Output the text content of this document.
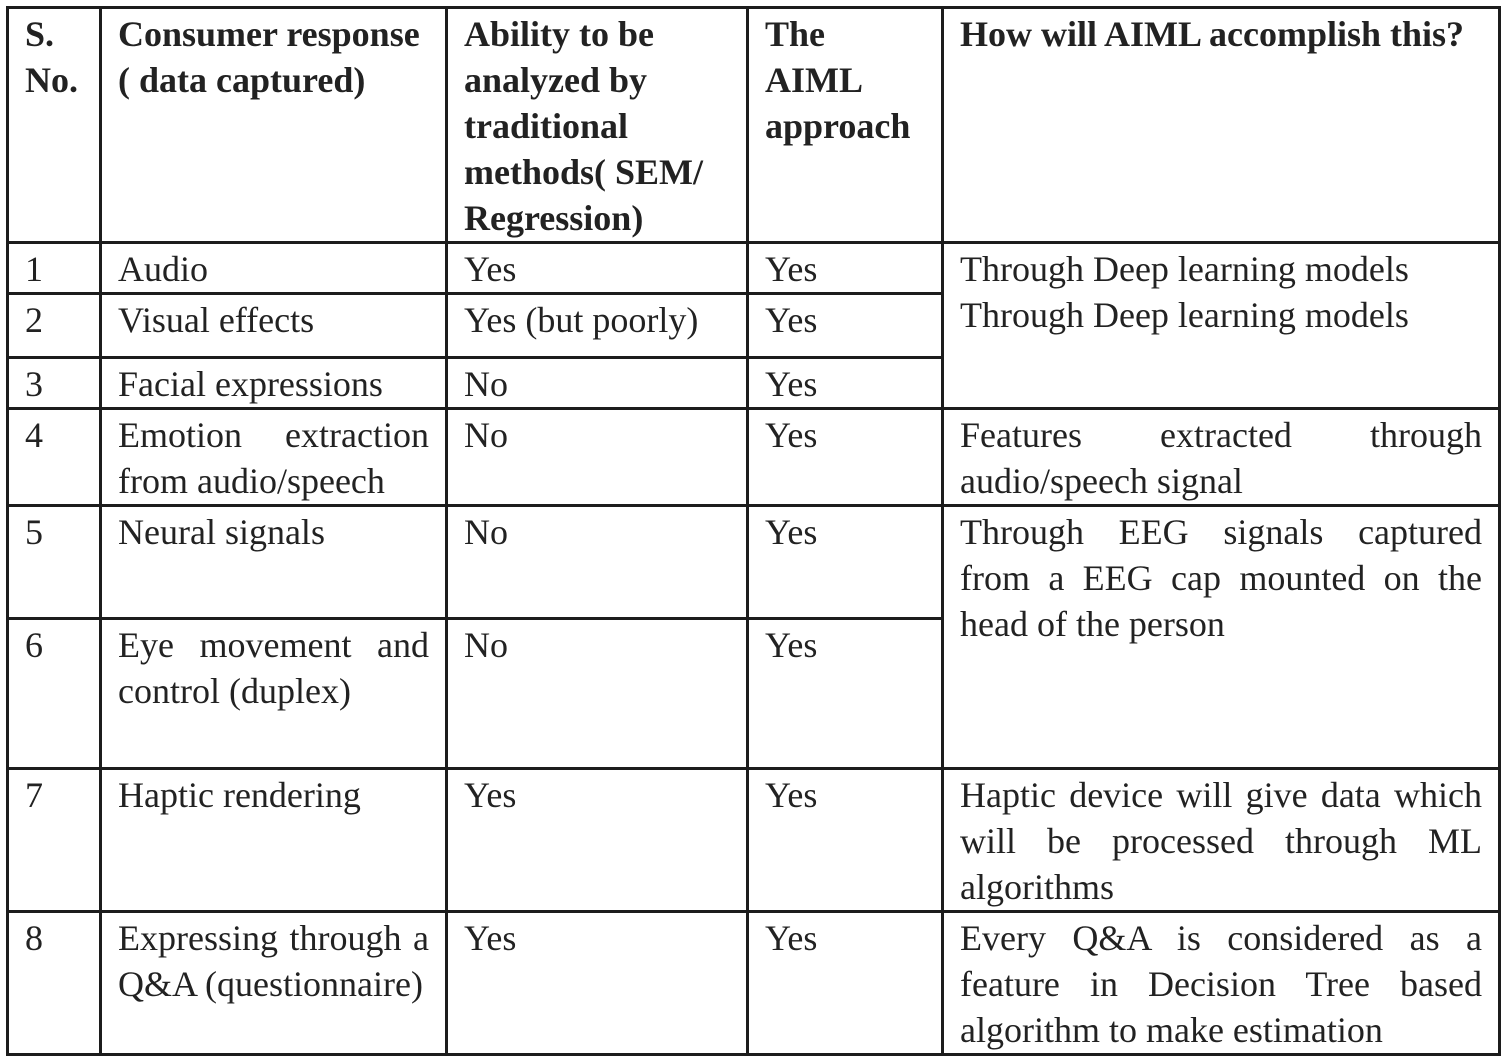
S. No.	Consumer response ( data captured)	Ability to be analyzed by traditional methods( SEM/ Regression)	The AIML approach	How will AIML accomplish this?
1	Audio	Yes	Yes	Through Deep learning models
Through Deep learning models

2	Visual effects	Yes (but poorly)	Yes	
3	Facial expressions	No	Yes	
4	Emotion extraction from audio/speech	No	Yes	Features extracted through audio/speech signal
5	Neural signals	No	Yes	Through EEG signals captured from a EEG cap mounted on the head of the person
6	Eye movement and control (duplex)	No	Yes	
7	Haptic rendering	Yes	Yes	Haptic device will give data which will be processed through ML algorithms
8	Expressing through a Q&A (questionnaire)	Yes	Yes	Every Q&A is considered as a feature in Decision Tree based algorithm to make estimation
